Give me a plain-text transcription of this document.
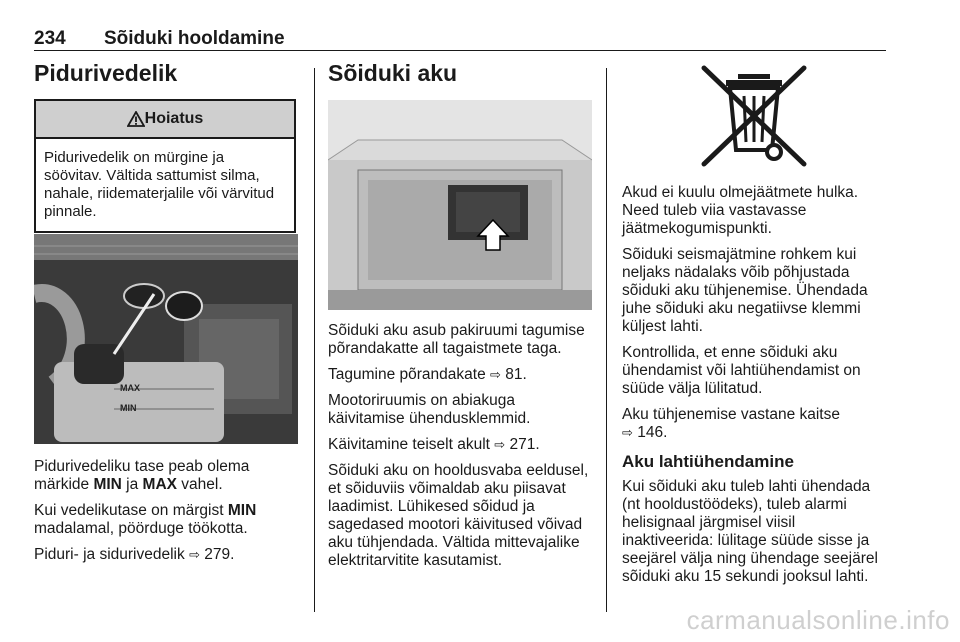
234 Sõiduki hooldamine
Pidurivedelik
Hoiatus
Pidurivedelik on mürgine ja söövitav. Vältida sattumist silma, nahale, riidematerjalile või värvitud pinnale.
MAX
MIN

Pidurivedeliku tase peab olema märkide MIN ja MAX vahel.

Kui vedelikutase on märgist MIN madalamal, pöörduge töökotta.

Piduri- ja sidurivedelik ⇨ 279.

Sõiduki aku

Sõiduki aku asub pakiruumi tagumise põrandakatte all tagaistmete taga.

Tagumine põrandakate ⇨ 81.

Mootoriruumis on abiakuga käivitamise ühendusklemmid.

Käivitamine teiselt akult ⇨ 271.

Sõiduki aku on hooldusvaba eeldusel, et sõiduviis võimaldab aku piisavat laadimist. Lühikesed sõidud ja sagedased mootori käivitused võivad aku tühjendada. Vältida mittevajalike elektritarvitite kasutamist.

Akud ei kuulu olmejäätmete hulka. Need tuleb viia vastavasse jäätmekogumispunkti.

Sõiduki seismajätmine rohkem kui neljaks nädalaks võib põhjustada sõiduki aku tühjenemise. Ühendada juhe sõiduki aku negatiivse klemmi küljest lahti.

Kontrollida, et enne sõiduki aku ühendamist või lahtiühendamist on süüde välja lülitatud.

Aku tühjenemise vastane kaitse
⇨ 146.

Aku lahtiühendamine

Kui sõiduki aku tuleb lahti ühendada (nt hooldustöödeks), tuleb alarmi helisignaal järgmisel viisil inaktiveerida: lülitage süüde sisse ja seejärel välja ning ühendage seejärel sõiduki aku 15 sekundi jooksul lahti.

carmanualsonline.info
